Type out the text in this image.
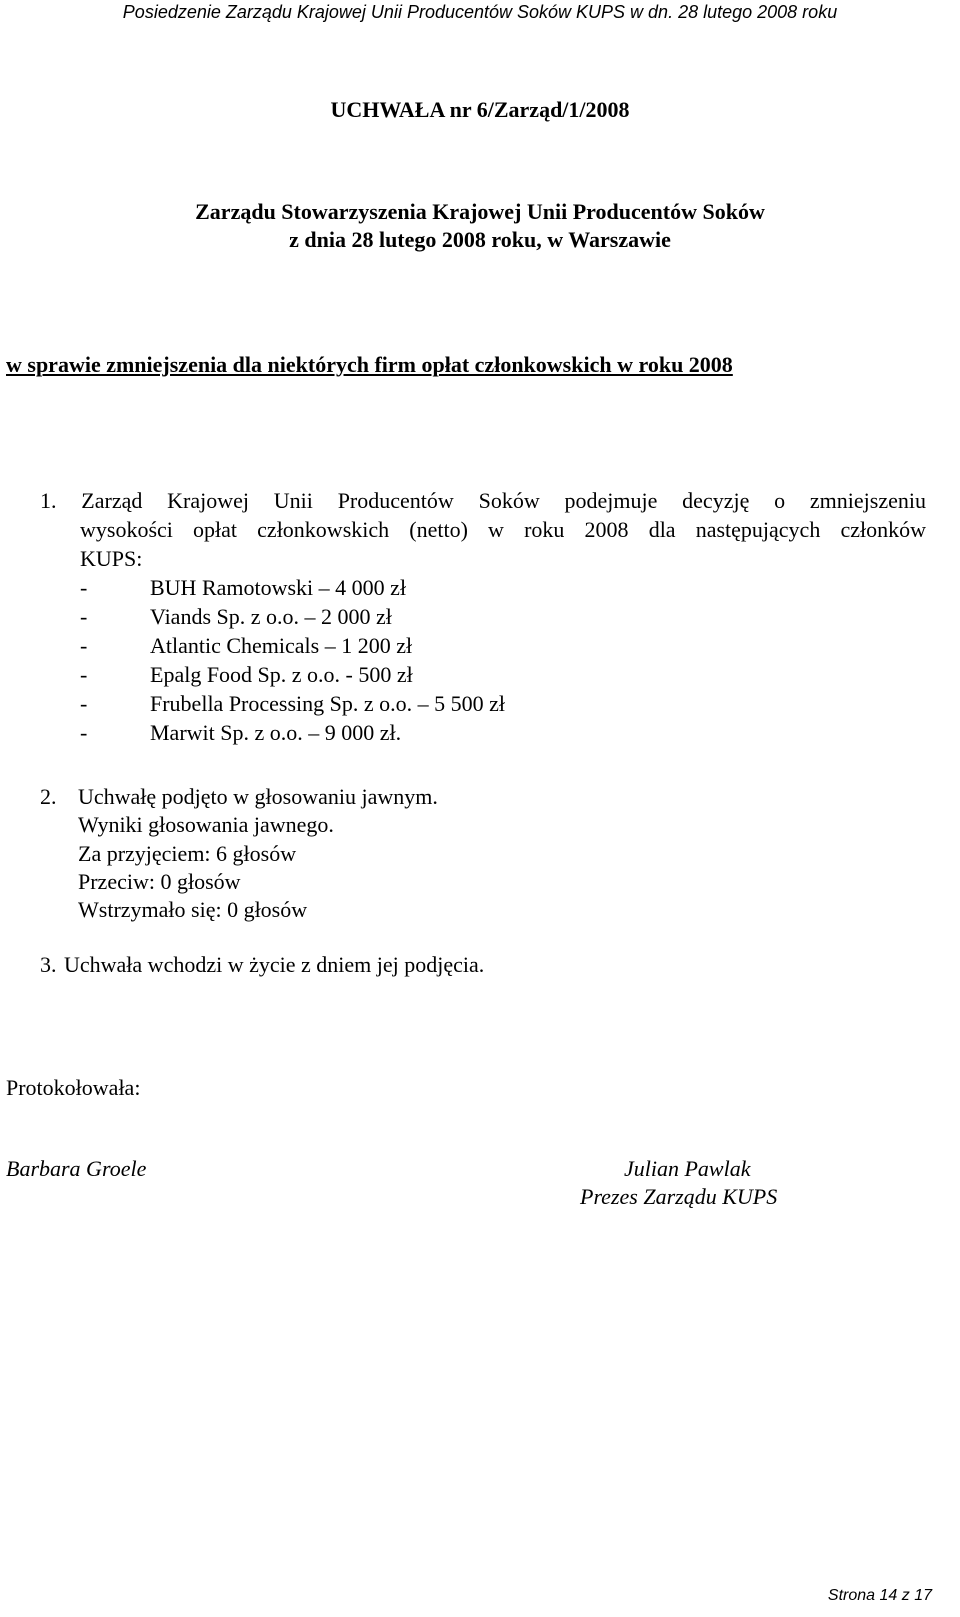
Posiedzenie Zarządu Krajowej Unii Producentów Soków KUPS w dn. 28 lutego 2008 roku
UCHWAŁA nr 6/Zarząd/1/2008
Zarządu Stowarzyszenia Krajowej Unii Producentów Soków
z dnia 28 lutego 2008 roku, w Warszawie
w sprawie zmniejszenia dla niektórych firm opłat członkowskich w roku 2008
1. Zarząd Krajowej Unii Producentów Soków podejmuje decyzję o zmniejszeniu
wysokości opłat członkowskich (netto) w roku 2008 dla następujących członków
KUPS:
-	BUH Ramotowski – 4 000 zł
-	Viands Sp. z o.o. – 2 000 zł
-	Atlantic Chemicals – 1 200 zł
-	Epalg Food Sp. z o.o. - 500 zł
-	Frubella Processing Sp. z o.o. – 5 500 zł
-	Marwit Sp. z o.o. – 9 000 zł.
2. Uchwałę podjęto w głosowaniu jawnym.
Wyniki głosowania jawnego.
Za przyjęciem: 6 głosów
Przeciw: 0 głosów
Wstrzymało się: 0 głosów
3. Uchwała wchodzi w życie z dniem jej podjęcia.
Protokołowała:
Barbara Groele	Julian Pawlak
Prezes Zarządu KUPS
Strona 14 z 17
